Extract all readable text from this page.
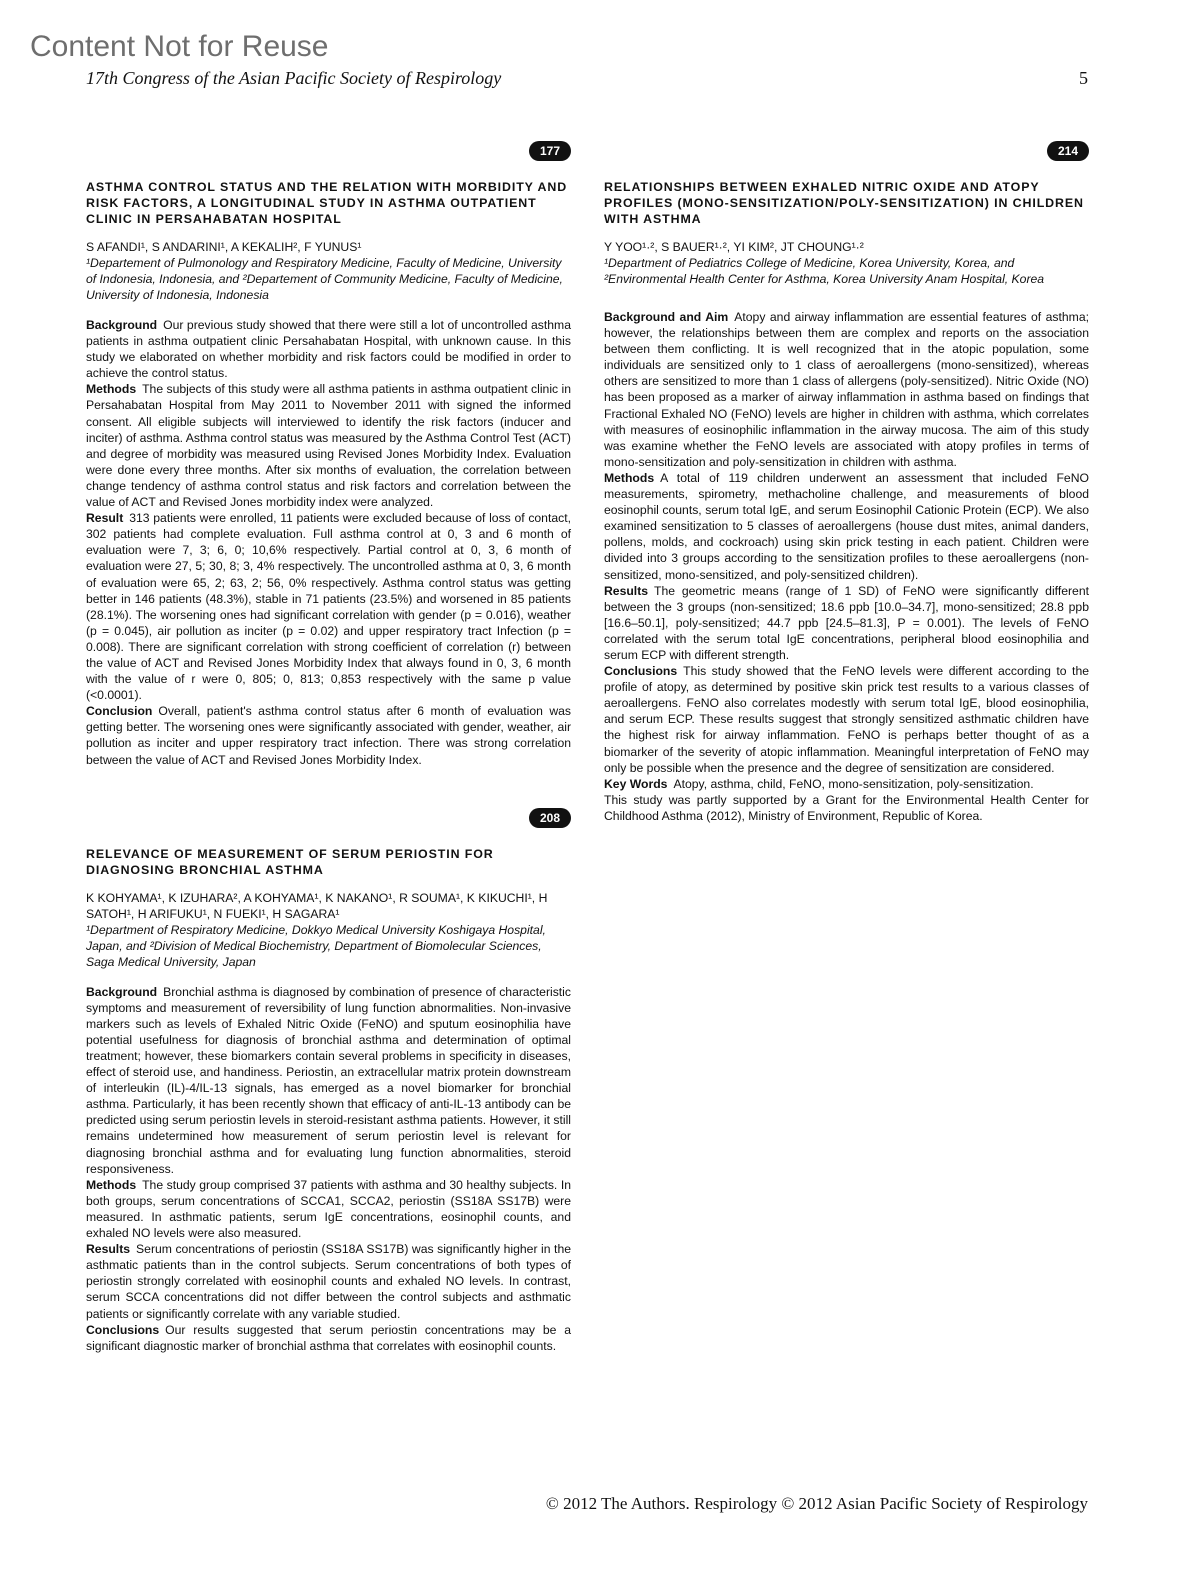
Content Not for Reuse
17th Congress of the Asian Pacific Society of Respirology	5
177
ASTHMA CONTROL STATUS AND THE RELATION WITH MORBIDITY AND RISK FACTORS, A LONGITUDINAL STUDY IN ASTHMA OUTPATIENT CLINIC IN PERSAHABATAN HOSPITAL
S AFANDI¹, S ANDARINI¹, A KEKALIH², F YUNUS¹
¹Departement of Pulmonology and Respiratory Medicine, Faculty of Medicine, University of Indonesia, Indonesia, and ²Departement of Community Medicine, Faculty of Medicine, University of Indonesia, Indonesia

Background Our previous study showed that there were still a lot of uncontrolled asthma patients in asthma outpatient clinic Persahabatan Hospital, with unknown cause. In this study we elaborated on whether morbidity and risk factors could be modified in order to achieve the control status.

Methods The subjects of this study were all asthma patients in asthma outpatient clinic in Persahabatan Hospital from May 2011 to November 2011 with signed the informed consent. All eligible subjects will interviewed to identify the risk factors (inducer and inciter) of asthma. Asthma control status was measured by the Asthma Control Test (ACT) and degree of morbidity was measured using Revised Jones Morbidity Index. Evaluation were done every three months. After six months of evaluation, the correlation between change tendency of asthma control status and risk factors and correlation between the value of ACT and Revised Jones morbidity index were analyzed.

Result 313 patients were enrolled, 11 patients were excluded because of loss of contact, 302 patients had complete evaluation. Full asthma control at 0, 3 and 6 month of evaluation were 7, 3; 6, 0; 10,6% respectively. Partial control at 0, 3, 6 month of evaluation were 27, 5; 30, 8; 3, 4% respectively. The uncontrolled asthma at 0, 3, 6 month of evaluation were 65, 2; 63, 2; 56, 0% respectively. Asthma control status was getting better in 146 patients (48.3%), stable in 71 patients (23.5%) and worsened in 85 patients (28.1%). The worsening ones had significant correlation with gender (p = 0.016), weather (p = 0.045), air pollution as inciter (p = 0.02) and upper respiratory tract Infection (p = 0.008). There are significant correlation with strong coefficient of correlation (r) between the value of ACT and Revised Jones Morbidity Index that always found in 0, 3, 6 month with the value of r were 0, 805; 0, 813; 0,853 respectively with the same p value (<0.0001).

Conclusion Overall, patient's asthma control status after 6 month of evaluation was getting better. The worsening ones were significantly associated with gender, weather, air pollution as inciter and upper respiratory tract infection. There was strong correlation between the value of ACT and Revised Jones Morbidity Index.

208
RELEVANCE OF MEASUREMENT OF SERUM PERIOSTIN FOR DIAGNOSING BRONCHIAL ASTHMA
K KOHYAMA¹, K IZUHARA², A KOHYAMA¹, K NAKANO¹, R SOUMA¹, K KIKUCHI¹, H SATOH¹, H ARIFUKU¹, N FUEKI¹, H SAGARA¹
¹Department of Respiratory Medicine, Dokkyo Medical University Koshigaya Hospital, Japan, and ²Division of Medical Biochemistry, Department of Biomolecular Sciences, Saga Medical University, Japan

Background Bronchial asthma is diagnosed by combination of presence of characteristic symptoms and measurement of reversibility of lung function abnormalities. Non-invasive markers such as levels of Exhaled Nitric Oxide (FeNO) and sputum eosinophilia have potential usefulness for diagnosis of bronchial asthma and determination of optimal treatment; however, these biomarkers contain several problems in specificity in diseases, effect of steroid use, and handiness. Periostin, an extracellular matrix protein downstream of interleukin (IL)-4/IL-13 signals, has emerged as a novel biomarker for bronchial asthma. Particularly, it has been recently shown that efficacy of anti-IL-13 antibody can be predicted using serum periostin levels in steroid-resistant asthma patients. However, it still remains undetermined how measurement of serum periostin level is relevant for diagnosing bronchial asthma and for evaluating lung function abnormalities, steroid responsiveness.

Methods The study group comprised 37 patients with asthma and 30 healthy subjects. In both groups, serum concentrations of SCCA1, SCCA2, periostin (SS18A SS17B) were measured. In asthmatic patients, serum IgE concentrations, eosinophil counts, and exhaled NO levels were also measured.

Results Serum concentrations of periostin (SS18A SS17B) was significantly higher in the asthmatic patients than in the control subjects. Serum concentrations of both types of periostin strongly correlated with eosinophil counts and exhaled NO levels. In contrast, serum SCCA concentrations did not differ between the control subjects and asthmatic patients or significantly correlate with any variable studied.

Conclusions Our results suggested that serum periostin concentrations may be a significant diagnostic marker of bronchial asthma that correlates with eosinophil counts.

214
RELATIONSHIPS BETWEEN EXHALED NITRIC OXIDE AND ATOPY PROFILES (MONO-SENSITIZATION/POLY-SENSITIZATION) IN CHILDREN WITH ASTHMA
Y YOO¹·², S BAUER¹·², YI KIM², JT CHOUNG¹·²
¹Department of Pediatrics College of Medicine, Korea University, Korea, and ²Environmental Health Center for Asthma, Korea University Anam Hospital, Korea

Background and Aim Atopy and airway inflammation are essential features of asthma; however, the relationships between them are complex and reports on the association between them conflicting. It is well recognized that in the atopic population, some individuals are sensitized only to 1 class of aeroallergens (mono-sensitized), whereas others are sensitized to more than 1 class of allergens (poly-sensitized). Nitric Oxide (NO) has been proposed as a marker of airway inflammation in asthma based on findings that Fractional Exhaled NO (FeNO) levels are higher in children with asthma, which correlates with measures of eosinophilic inflammation in the airway mucosa. The aim of this study was examine whether the FeNO levels are associated with atopy profiles in terms of mono-sensitization and poly-sensitization in children with asthma.

Methods A total of 119 children underwent an assessment that included FeNO measurements, spirometry, methacholine challenge, and measurements of blood eosinophil counts, serum total IgE, and serum Eosinophil Cationic Protein (ECP). We also examined sensitization to 5 classes of aeroallergens (house dust mites, animal danders, pollens, molds, and cockroach) using skin prick testing in each patient. Children were divided into 3 groups according to the sensitization profiles to these aeroallergens (non-sensitized, mono-sensitized, and poly-sensitized children).

Results The geometric means (range of 1 SD) of FeNO were significantly different between the 3 groups (non-sensitized; 18.6 ppb [10.0–34.7], mono-sensitized; 28.8 ppb [16.6–50.1], poly-sensitized; 44.7 ppb [24.5–81.3], P = 0.001). The levels of FeNO correlated with the serum total IgE concentrations, peripheral blood eosinophilia and serum ECP with different strength.

Conclusions This study showed that the FeNO levels were different according to the profile of atopy, as determined by positive skin prick test results to a various classes of aeroallergens. FeNO also correlates modestly with serum total IgE, blood eosinophilia, and serum ECP. These results suggest that strongly sensitized asthmatic children have the highest risk for airway inflammation. FeNO is perhaps better thought of as a biomarker of the severity of atopic inflammation. Meaningful interpretation of FeNO may only be possible when the presence and the degree of sensitization are considered.

Key Words Atopy, asthma, child, FeNO, mono-sensitization, poly-sensitization.

This study was partly supported by a Grant for the Environmental Health Center for Childhood Asthma (2012), Ministry of Environment, Republic of Korea.

© 2012 The Authors. Respirology © 2012 Asian Pacific Society of Respirology
